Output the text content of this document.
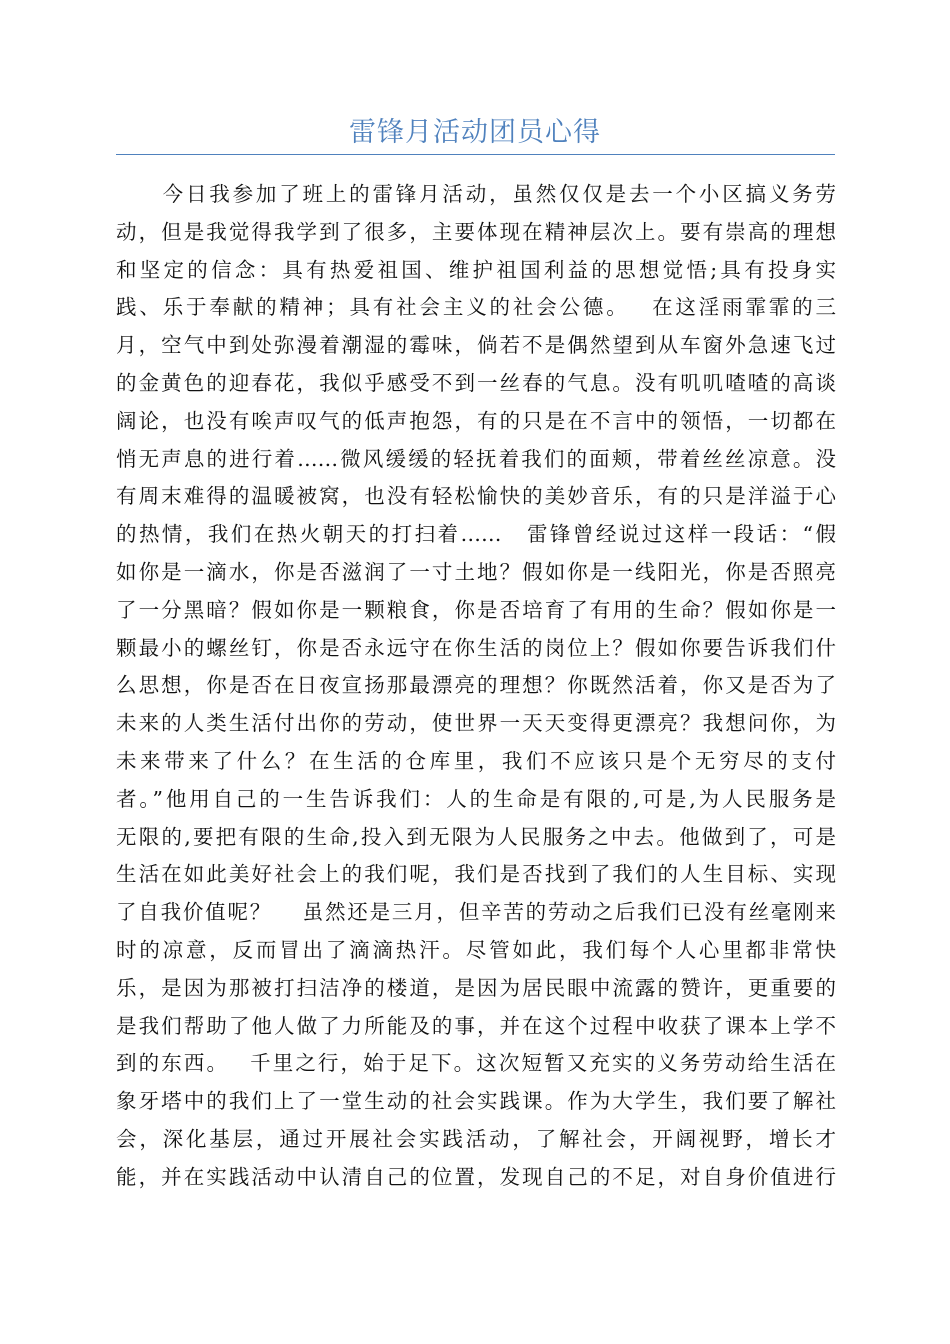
雷锋月活动团员心得
　　今日我参加了班上的雷锋月活动，虽然仅仅是去一个小区搞义务劳
动，但是我觉得我学到了很多，主要体现在精神层次上。要有崇高的理想
和坚定的信念：具有热爱祖国、维护祖国利益的思想觉悟;具有投身实
践、乐于奉献的精神；具有社会主义的社会公德。　 在这淫雨霏霏的三
月，空气中到处弥漫着潮湿的霉味，倘若不是偶然望到从车窗外急速飞过
的金黄色的迎春花，我似乎感受不到一丝春的气息。没有叽叽喳喳的高谈
阔论，也没有唉声叹气的低声抱怨，有的只是在不言中的领悟，一切都在
悄无声息的进行着……微风缓缓的轻抚着我们的面颊，带着丝丝凉意。没
有周末难得的温暖被窝，也没有轻松愉快的美妙音乐，有的只是洋溢于心
的热情，我们在热火朝天的打扫着……　雷锋曾经说过这样一段话：“假
如你是一滴水，你是否滋润了一寸土地？假如你是一线阳光，你是否照亮
了一分黑暗？假如你是一颗粮食，你是否培育了有用的生命？假如你是一
颗最小的螺丝钉，你是否永远守在你生活的岗位上？假如你要告诉我们什
么思想，你是否在日夜宣扬那最漂亮的理想？你既然活着，你又是否为了
未来的人类生活付出你的劳动，使世界一天天变得更漂亮？我想问你，为
未来带来了什么？在生活的仓库里，我们不应该只是个无穷尽的支付
者。”他用自己的一生告诉我们：人的生命是有限的,可是,为人民服务是
无限的,要把有限的生命,投入到无限为人民服务之中去。他做到了，可是
生活在如此美好社会上的我们呢，我们是否找到了我们的人生目标、实现
了自我价值呢？　 虽然还是三月，但辛苦的劳动之后我们已没有丝毫刚来
时的凉意，反而冒出了滴滴热汗。尽管如此，我们每个人心里都非常快
乐，是因为那被打扫洁净的楼道，是因为居民眼中流露的赞许，更重要的
是我们帮助了他人做了力所能及的事，并在这个过程中收获了课本上学不
到的东西。　 千里之行，始于足下。这次短暂又充实的义务劳动给生活在
象牙塔中的我们上了一堂生动的社会实践课。作为大学生，我们要了解社
会，深化基层，通过开展社会实践活动，了解社会，开阔视野，增长才
能，并在实践活动中认清自己的位置，发现自己的不足，对自身价值进行
